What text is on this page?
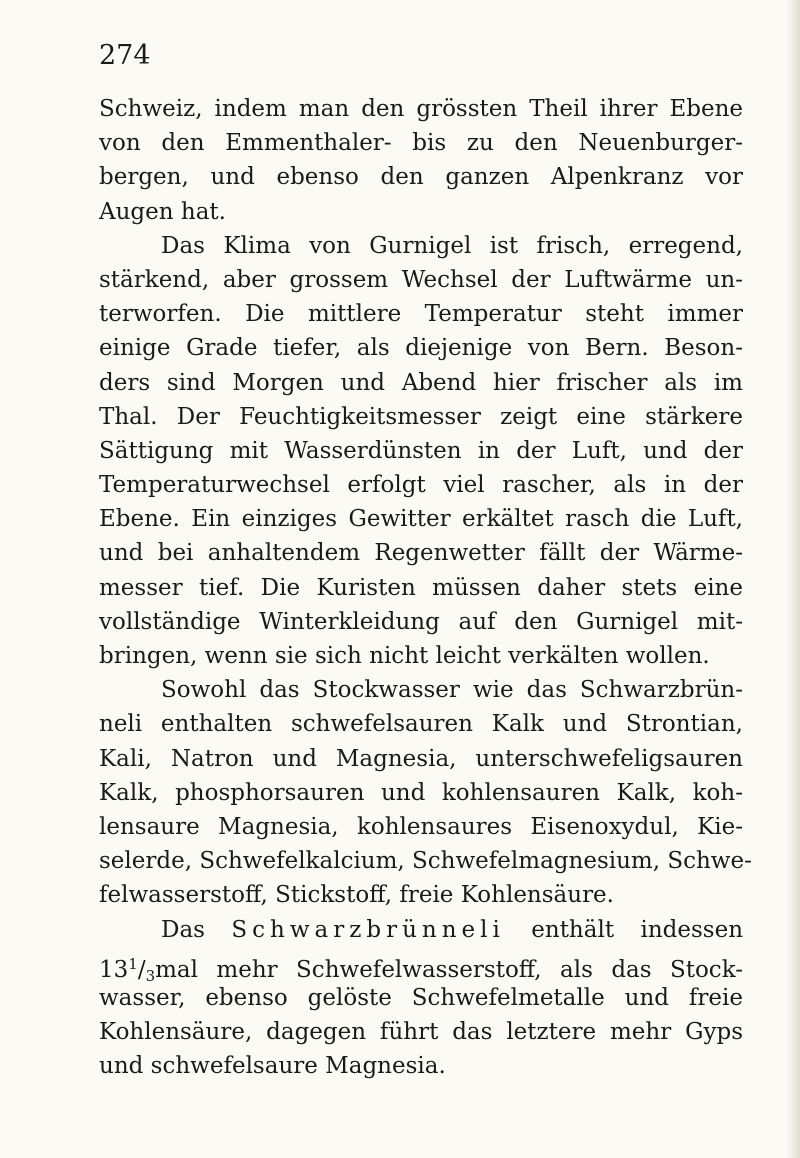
274
Schweiz, indem man den grössten Theil ihrer Ebene
von den Emmenthaler- bis zu den Neuenburger-
bergen, und ebenso den ganzen Alpenkranz vor
Augen hat.
Das Klima von Gurnigel ist frisch, erregend,
stärkend, aber grossem Wechsel der Luftwärme un-
terworfen. Die mittlere Temperatur steht immer
einige Grade tiefer, als diejenige von Bern. Beson-
ders sind Morgen und Abend hier frischer als im
Thal. Der Feuchtigkeitsmesser zeigt eine stärkere
Sättigung mit Wasserdünsten in der Luft, und der
Temperaturwechsel erfolgt viel rascher, als in der
Ebene. Ein einziges Gewitter erkältet rasch die Luft,
und bei anhaltendem Regenwetter fällt der Wärme-
messer tief. Die Kuristen müssen daher stets eine
vollständige Winterkleidung auf den Gurnigel mit-
bringen, wenn sie sich nicht leicht verkälten wollen.
Sowohl das Stockwasser wie das Schwarzbrün-
neli enthalten schwefelsauren Kalk und Strontian,
Kali, Natron und Magnesia, unterschwefeligsauren
Kalk, phosphorsauren und kohlensauren Kalk, koh-
lensaure Magnesia, kohlensaures Eisenoxydul, Kie-
selerde, Schwefelkalcium, Schwefelmagnesium, Schwe-
felwasserstoff, Stickstoff, freie Kohlensäure.
Das Schwarzbrünneli enthält indessen
$13^1/3mal$ mehr Schwefelwasserstoff, als das Stock-
wasser, ebenso gelöste Schwefelmetalle und freie
Kohlensäure, dagegen führt das letztere mehr Gyps
und schwefelsaure Magnesia.
